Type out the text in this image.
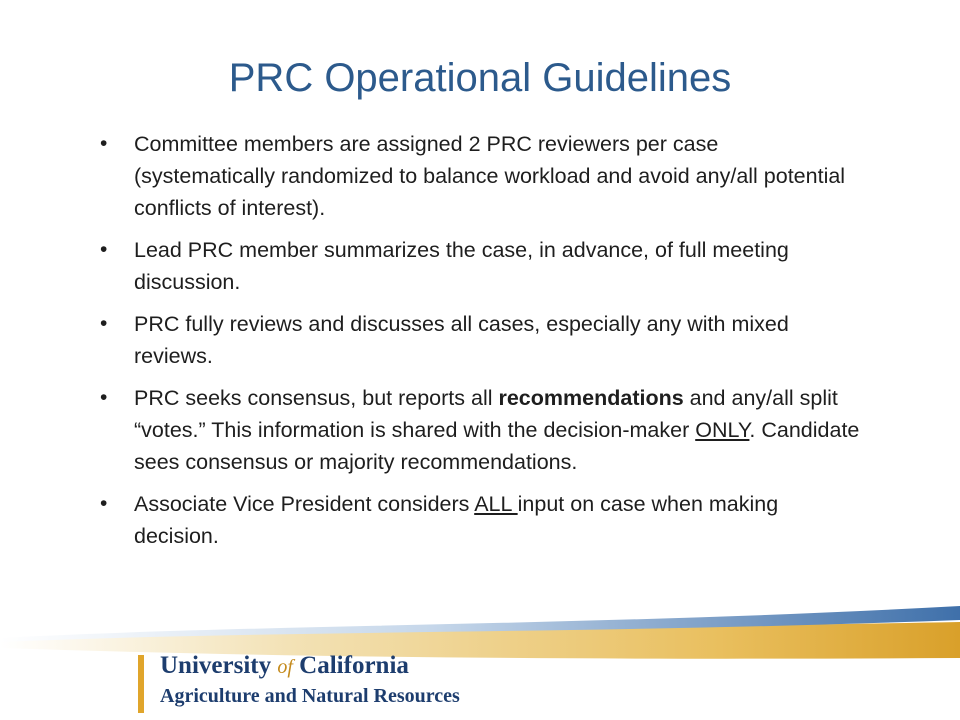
PRC Operational Guidelines
• Committee members are assigned 2 PRC reviewers per case (systematically randomized to balance workload and avoid any/all potential conflicts of interest).
• Lead PRC member summarizes the case, in advance, of full meeting discussion.
• PRC fully reviews and discusses all cases, especially any with mixed reviews.
• PRC seeks consensus, but reports all recommendations and any/all split “votes.” This information is shared with the decision-maker ONLY. Candidate sees consensus or majority recommendations.
• Associate Vice President considers ALL input on case when making decision.
University of California
Agriculture and Natural Resources
